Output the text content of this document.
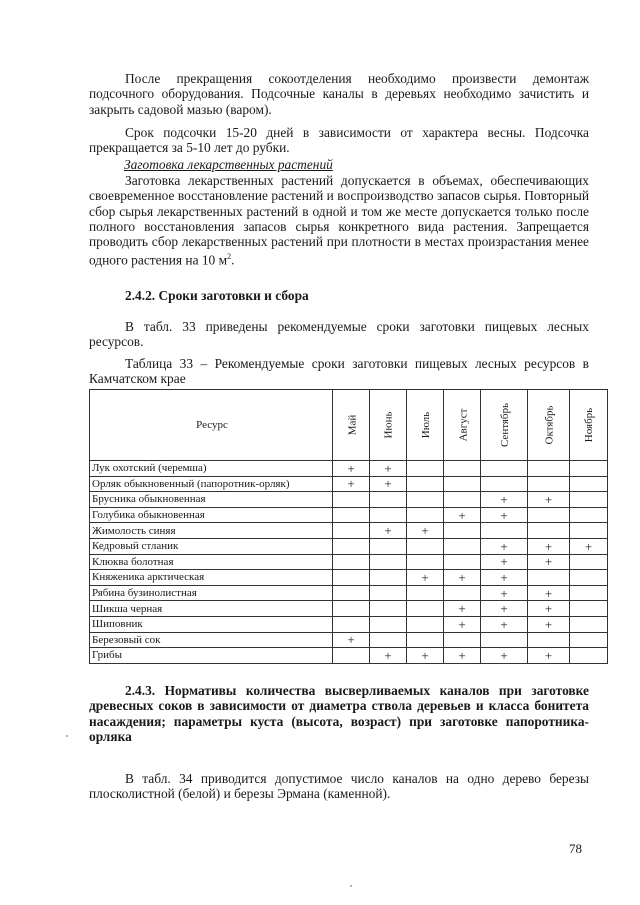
После прекращения сокоотделения необходимо произвести демонтаж подсочного оборудования. Подсочные каналы в деревьях необходимо зачистить и закрыть садовой мазью (варом).

Срок подсочки 15-20 дней в зависимости от характера весны. Подсочка прекращается за 5-10 лет до рубки.

Заготовка лекарственных растений

Заготовка лекарственных растений допускается в объемах, обеспечивающих своевременное восстановление растений и воспроизводство запасов сырья. Повторный сбор сырья лекарственных растений в одной и том же месте допускается только после полного восстановления запасов сырья конкретного вида растения. Запрещается проводить сбор лекарственных растений при плотности в местах произрастания менее одного растения на 10 $м^2$.

2.4.2. Сроки заготовки и сбора

В табл. 33 приведены рекомендуемые сроки заготовки пищевых лесных ресурсов.

Таблица 33 – Рекомендуемые сроки заготовки пищевых лесных ресурсов в Камчатском крае

Ресурс	Май	Июнь	Июль	Август	Сентябрь	Октябрь	Ноябрь
Лук охотский (черемша)	+	+					
Орляк обыкновенный (папоротник-орляк)	+	+					
Брусника обыкновенная					+	+	
Голубика обыкновенная				+	+		
Жимолость синяя		+	+				
Кедровый стланик					+	+	+
Клюква болотная					+	+	
Княженика арктическая			+	+	+		
Рябина бузинолистная					+	+	
Шикша черная				+	+	+	
Шиповник				+	+	+	
Березовый сок	+						
Грибы		+	+	+	+	+	

2.4.3. Нормативы количества высверливаемых каналов при заготовке древесных соков в зависимости от диаметра ствола деревьев и класса бонитета насаждения; параметры куста (высота, возраст) при заготовке папоротника-орляка

В табл. 34 приводится допустимое число каналов на одно дерево березы плосколистной (белой) и березы Эрмана (каменной).

78
